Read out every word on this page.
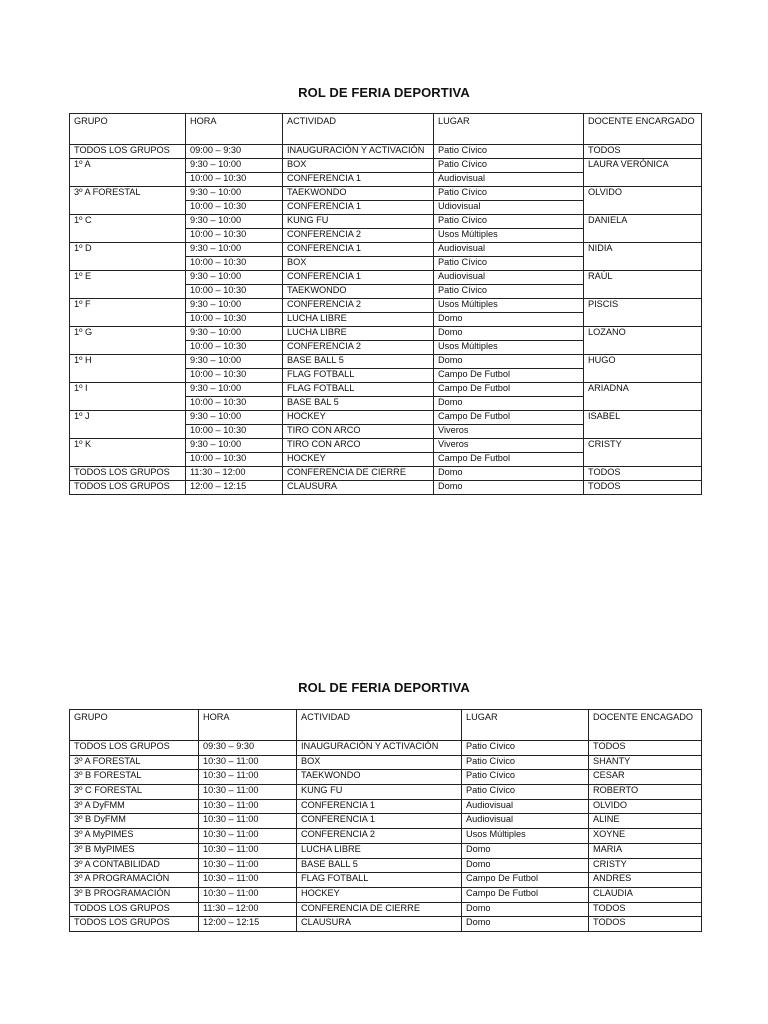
ROL DE FERIA DEPORTIVA
GRUPO	HORA	ACTIVIDAD	LUGAR	DOCENTE ENCARGADO
TODOS LOS GRUPOS	09:00 – 9:30	INAUGURACIÓN Y ACTIVACIÓN	Patio Cívico	TODOS
1º A	9:30 – 10:00	BOX	Patio Cívico	LAURA VERÓNICA
	10:00 – 10:30	CONFERENCIA 1	Audiovisual	
3º A FORESTAL	9:30 – 10:00	TAEKWONDO	Patio Cívico	OLVIDO
	10:00 – 10:30	CONFERENCIA 1	Udiovisual	
1º C	9:30 – 10:00	KUNG FU	Patio Cívico	DANIELA
	10:00 – 10:30	CONFERENCIA 2	Usos Múltiples	
1º D	9:30 – 10:00	CONFERENCIA 1	Audiovisual	NIDIA
	10:00 – 10:30	BOX	Patio Cívico	
1º E	9:30 – 10:00	CONFERENCIA 1	Audiovisual	RAÚL
	10:00 – 10:30	TAEKWONDO	Patio Cívico	
1º F	9:30 – 10:00	CONFERENCIA 2	Usos Múltiples	PISCIS
	10:00 – 10:30	LUCHA LIBRE	Domo	
1º G	9:30 – 10:00	LUCHA LIBRE	Domo	LOZANO
	10:00 – 10:30	CONFERENCIA 2	Usos Múltiples	
1º H	9:30 – 10:00	BASE BALL 5	Domo	HUGO
	10:00 – 10:30	FLAG FOTBALL	Campo De Futbol	
1º I	9:30 – 10:00	FLAG FOTBALL	Campo De Futbol	ARIADNA
	10:00 – 10:30	BASE BAL 5	Domo	
1º J	9:30 – 10:00	HOCKEY	Campo De Futbol	ISABEL
	10:00 – 10:30	TIRO CON ARCO	Viveros	
1º K	9:30 – 10:00	TIRO CON ARCO	Viveros	CRISTY
	10:00 – 10:30	HOCKEY	Campo De Futbol	
TODOS LOS GRUPOS	11:30 – 12:00	CONFERENCIA DE CIERRE	Domo	TODOS
TODOS LOS GRUPOS	12:00 – 12:15	CLAUSURA	Domo	TODOS
ROL DE FERIA DEPORTIVA
GRUPO	HORA	ACTIVIDAD	LUGAR	DOCENTE ENCAGADO
TODOS LOS GRUPOS	09:30 – 9:30	INAUGURACIÓN Y ACTIVACIÓN	Patio Cívico	TODOS
3º A FORESTAL	10:30 – 11:00	BOX	Patio Cívico	SHANTY
3º B FORESTAL	10:30 – 11:00	TAEKWONDO	Patio Cívico	CESAR
3º C FORESTAL	10:30 – 11:00	KUNG FU	Patio Cívico	ROBERTO
3º A DyFMM	10:30 – 11:00	CONFERENCIA 1	Audiovisual	OLVIDO
3º B DyFMM	10:30 – 11:00	CONFERENCIA 1	Audiovisual	ALINE
3º A MyPIMES	10:30 – 11:00	CONFERENCIA 2	Usos Múltiples	XOYNE
3º B MyPIMES	10:30 – 11:00	LUCHA LIBRE	Domo	MARIA
3º A CONTABILIDAD	10:30 – 11:00	BASE BALL 5	Domo	CRISTY
3º A PROGRAMACIÓN	10:30 – 11:00	FLAG FOTBALL	Campo De Futbol	ANDRES
3º B PROGRAMACIÓN	10:30 – 11:00	HOCKEY	Campo De Futbol	CLAUDIA
TODOS LOS GRUPOS	11:30 – 12:00	CONFERENCIA DE CIERRE	Domo	TODOS
TODOS LOS GRUPOS	12:00 – 12:15	CLAUSURA	Domo	TODOS
